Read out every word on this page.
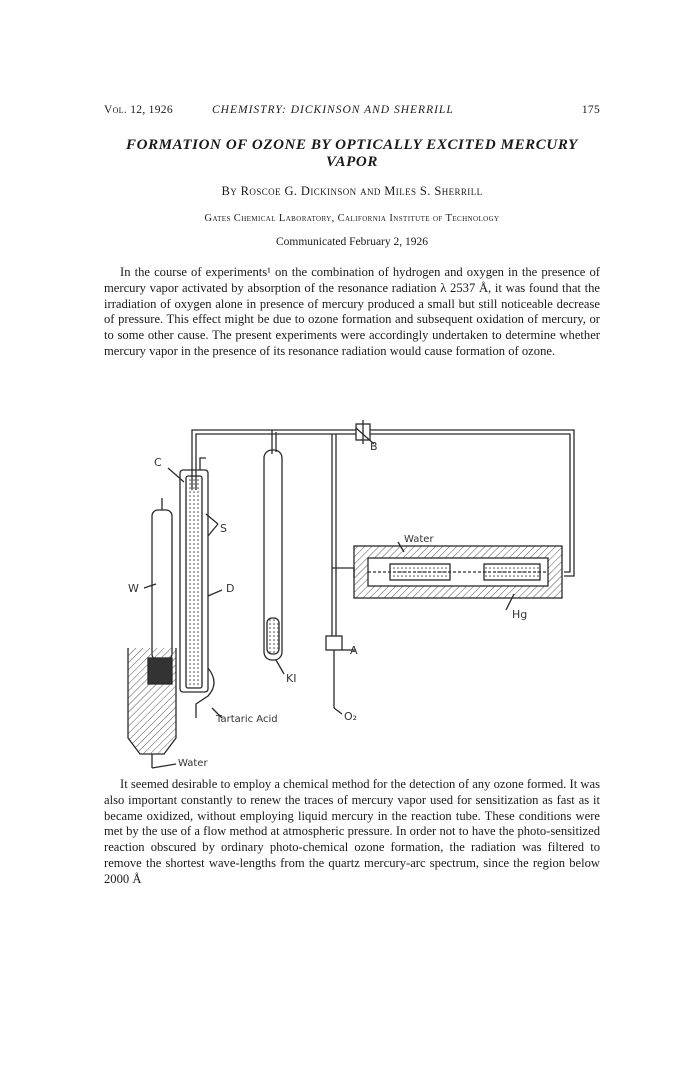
Vol. 12, 1926	CHEMISTRY: DICKINSON AND SHERRILL	175
FORMATION OF OZONE BY OPTICALLY EXCITED MERCURY VAPOR
By Roscoe G. Dickinson and Miles S. Sherrill
Gates Chemical Laboratory, California Institute of Technology
Communicated February 2, 1926

In the course of experiments¹ on the combination of hydrogen and oxygen in the presence of mercury vapor activated by absorption of the resonance radiation λ 2537 Å, it was found that the irradiation of oxygen alone in presence of mercury produced a small but still noticeable decrease of pressure. This effect might be due to ozone formation and subsequent oxidation of mercury, or to some other cause. The present experiments were accordingly undertaken to determine whether mercury vapor in the presence of its resonance radiation would cause formation of ozone.

C
S
W	D
B
A
KI
O₂
Hg
Water
Tartaric Acid
Water

It seemed desirable to employ a chemical method for the detection of any ozone formed. It was also important constantly to renew the traces of mercury vapor used for sensitization as fast as it became oxidized, without employing liquid mercury in the reaction tube. These conditions were met by the use of a flow method at atmospheric pressure. In order not to have the photo-sensitized reaction obscured by ordinary photo-chemical ozone formation, the radiation was filtered to remove the shortest wave-lengths from the quartz mercury-arc spectrum, since the region below 2000 Å
